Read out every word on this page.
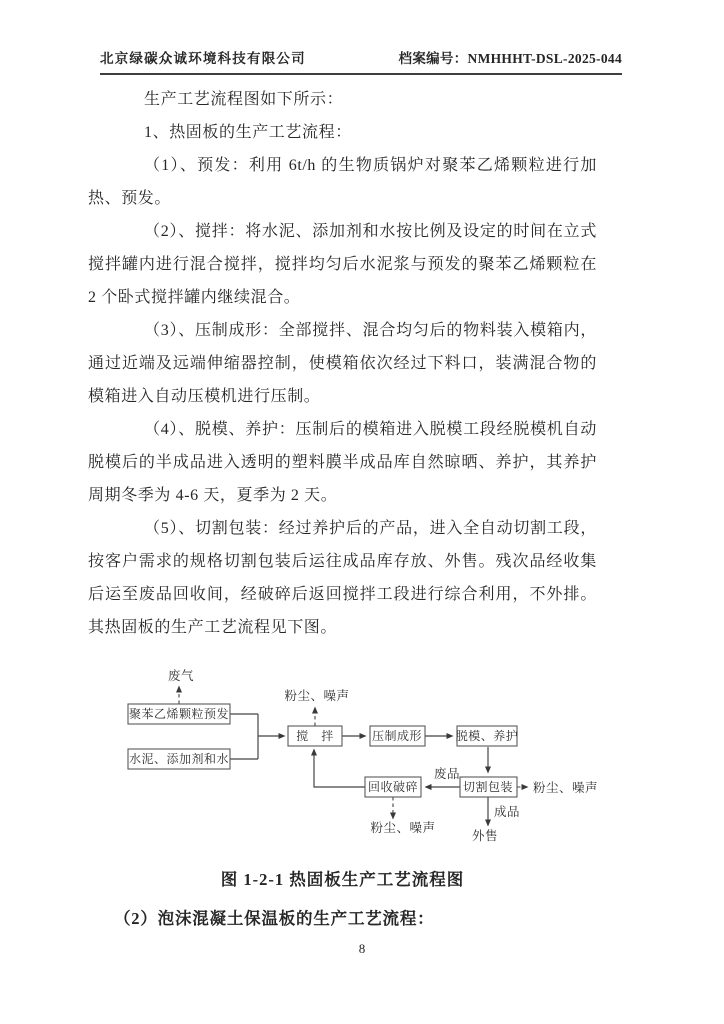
北京绿碳众诚环境科技有限公司	档案编号：NMHHHT-DSL-2025-044

生产工艺流程图如下所示：

1、热固板的生产工艺流程：

（1）、预发：利用 6t/h 的生物质锅炉对聚苯乙烯颗粒进行加热、预发。

（2）、搅拌：将水泥、添加剂和水按比例及设定的时间在立式搅拌罐内进行混合搅拌，搅拌均匀后水泥浆与预发的聚苯乙烯颗粒在 2 个卧式搅拌罐内继续混合。

（3）、压制成形：全部搅拌、混合均匀后的物料装入模箱内，通过近端及远端伸缩器控制，使模箱依次经过下料口，装满混合物的模箱进入自动压模机进行压制。

（4）、脱模、养护：压制后的模箱进入脱模工段经脱模机自动脱模后的半成品进入透明的塑料膜半成品库自然晾晒、养护，其养护周期冬季为 4-6 天，夏季为 2 天。

（5）、切割包装：经过养护后的产品，进入全自动切割工段，按客户需求的规格切割包装后运往成品库存放、外售。残次品经收集后运至废品回收间，经破碎后返回搅拌工段进行综合利用，不外排。其热固板的生产工艺流程见下图。

聚苯乙烯颗粒预发
水泥、添加剂和水
搅　拌	压制成形	脱模、养护
切割包装
回收破碎
废气
粉尘、噪声
废品
粉尘、噪声
成品
外售
粉尘、噪声
图 1-2-1 热固板生产工艺流程图
（2）泡沫混凝土保温板的生产工艺流程：
8
